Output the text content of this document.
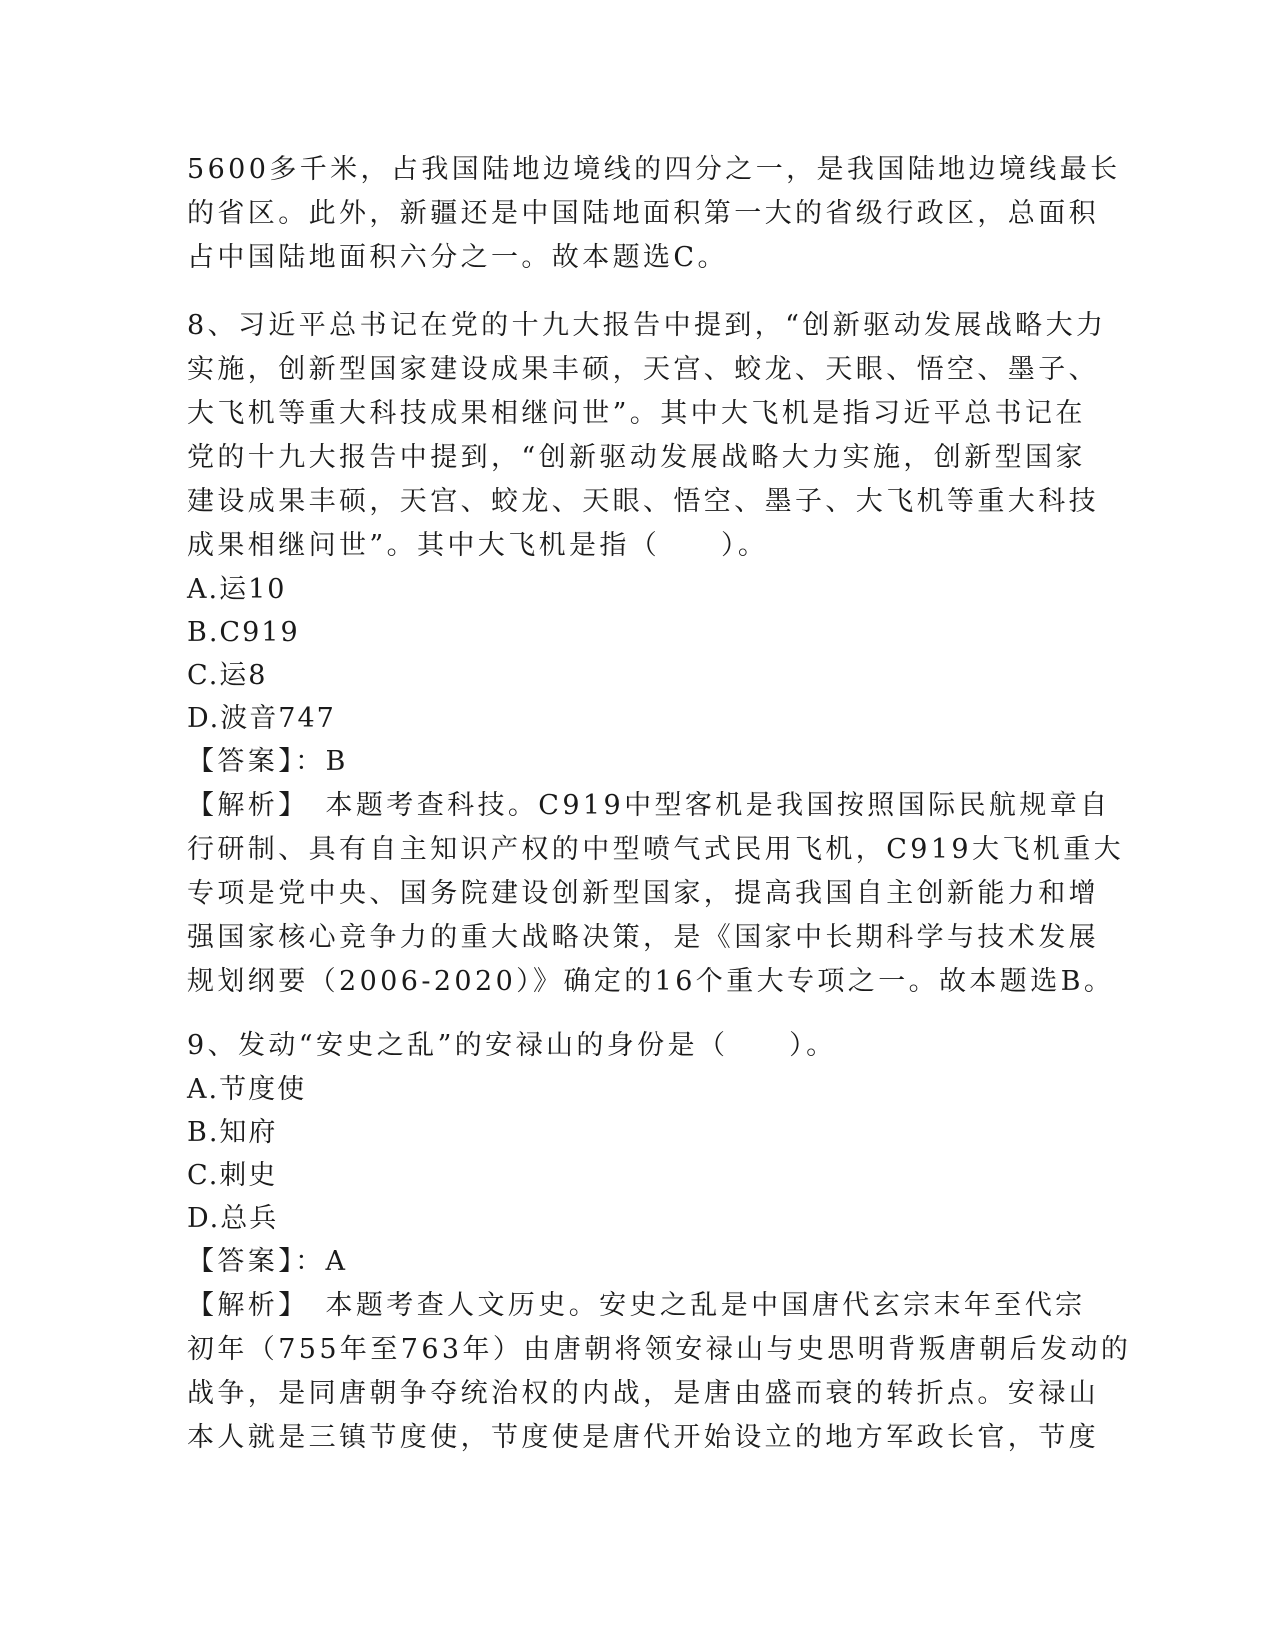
5600多千米，占我国陆地边境线的四分之一，是我国陆地边境线最长
的省区。此外，新疆还是中国陆地面积第一大的省级行政区，总面积
占中国陆地面积六分之一。故本题选C。
8、习近平总书记在党的十九大报告中提到，“创新驱动发展战略大力
实施，创新型国家建设成果丰硕，天宫、蛟龙、天眼、悟空、墨子、
大飞机等重大科技成果相继问世”。其中大飞机是指习近平总书记在
党的十九大报告中提到，“创新驱动发展战略大力实施，创新型国家
建设成果丰硕，天宫、蛟龙、天眼、悟空、墨子、大飞机等重大科技
成果相继问世”。其中大飞机是指（　　）。
A.运10
B.C919
C.运8
D.波音747
【答案】：B
【解析】　本题考查科技。C919中型客机是我国按照国际民航规章自
行研制、具有自主知识产权的中型喷气式民用飞机，C919大飞机重大
专项是党中央、国务院建设创新型国家，提高我国自主创新能力和增
强国家核心竞争力的重大战略决策，是《国家中长期科学与技术发展
规划纲要（2006-2020）》确定的16个重大专项之一。故本题选B。
9、发动“安史之乱”的安禄山的身份是（　　）。
A.节度使
B.知府
C.刺史
D.总兵
【答案】：A
【解析】　本题考查人文历史。安史之乱是中国唐代玄宗末年至代宗
初年（755年至763年）由唐朝将领安禄山与史思明背叛唐朝后发动的
战争，是同唐朝争夺统治权的内战，是唐由盛而衰的转折点。安禄山
本人就是三镇节度使，节度使是唐代开始设立的地方军政长官，节度
